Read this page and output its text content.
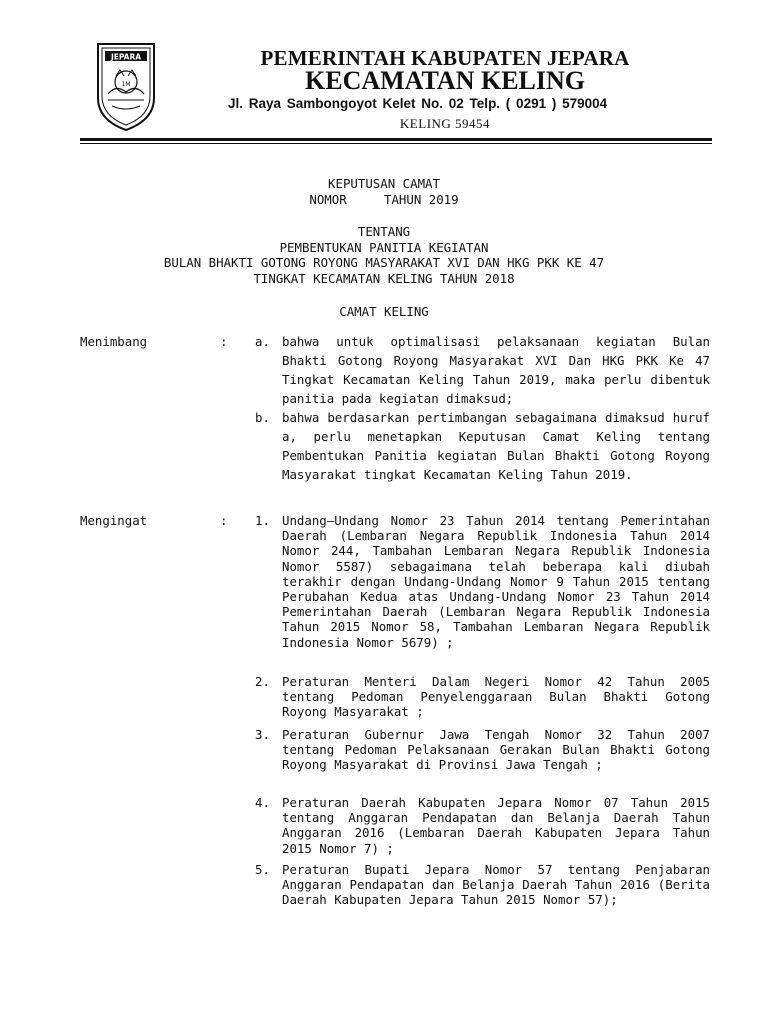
JEPARA
1M
PEMERINTAH KABUPATEN JEPARA
KECAMATAN KELING
Jl. Raya Sambongoyot Kelet No. 02 Telp. ( 0291 ) 579004
KELING 59454
KEPUTUSAN CAMAT
NOMOR     TAHUN 2019
TENTANG
PEMBENTUKAN PANITIA KEGIATAN
BULAN BHAKTI GOTONG ROYONG MASYARAKAT XVI DAN HKG PKK KE 47
TINGKAT KECAMATAN KELING TAHUN 2018
CAMAT KELING
Menimbang	: a. bahwa untuk optimalisasi pelaksanaan kegiatan Bulan Bhakti Gotong Royong Masyarakat XVI Dan HKG PKK Ke 47 Tingkat Kecamatan Keling Tahun 2019, maka perlu dibentuk panitia pada kegiatan dimaksud;
b. bahwa berdasarkan pertimbangan sebagaimana dimaksud huruf a, perlu menetapkan Keputusan Camat Keling tentang Pembentukan Panitia kegiatan Bulan Bhakti Gotong Royong Masyarakat tingkat Kecamatan Keling Tahun 2019.
Mengingat	: 1. Undang–Undang Nomor 23 Tahun 2014 tentang Pemerintahan Daerah (Lembaran Negara Republik Indonesia Tahun 2014 Nomor 244, Tambahan Lembaran Negara Republik Indonesia Nomor 5587) sebagaimana telah beberapa kali diubah terakhir dengan Undang-Undang Nomor 9 Tahun 2015 tentang Perubahan Kedua atas Undang-Undang Nomor 23 Tahun 2014 Pemerintahan Daerah (Lembaran Negara Republik Indonesia Tahun 2015 Nomor 58, Tambahan Lembaran Negara Republik Indonesia Nomor 5679) ;
2. Peraturan Menteri Dalam Negeri Nomor 42 Tahun 2005 tentang Pedoman Penyelenggaraan Bulan Bhakti Gotong Royong Masyarakat ;
3. Peraturan Gubernur Jawa Tengah Nomor 32 Tahun 2007 tentang Pedoman Pelaksanaan Gerakan Bulan Bhakti Gotong Royong Masyarakat di Provinsi Jawa Tengah ;
4. Peraturan Daerah Kabupaten Jepara Nomor 07 Tahun 2015 tentang Anggaran Pendapatan dan Belanja Daerah Tahun Anggaran 2016 (Lembaran Daerah Kabupaten Jepara Tahun 2015 Nomor 7) ;
5. Peraturan Bupati Jepara Nomor 57 tentang Penjabaran Anggaran Pendapatan dan Belanja Daerah Tahun 2016 (Berita Daerah Kabupaten Jepara Tahun 2015 Nomor 57);
